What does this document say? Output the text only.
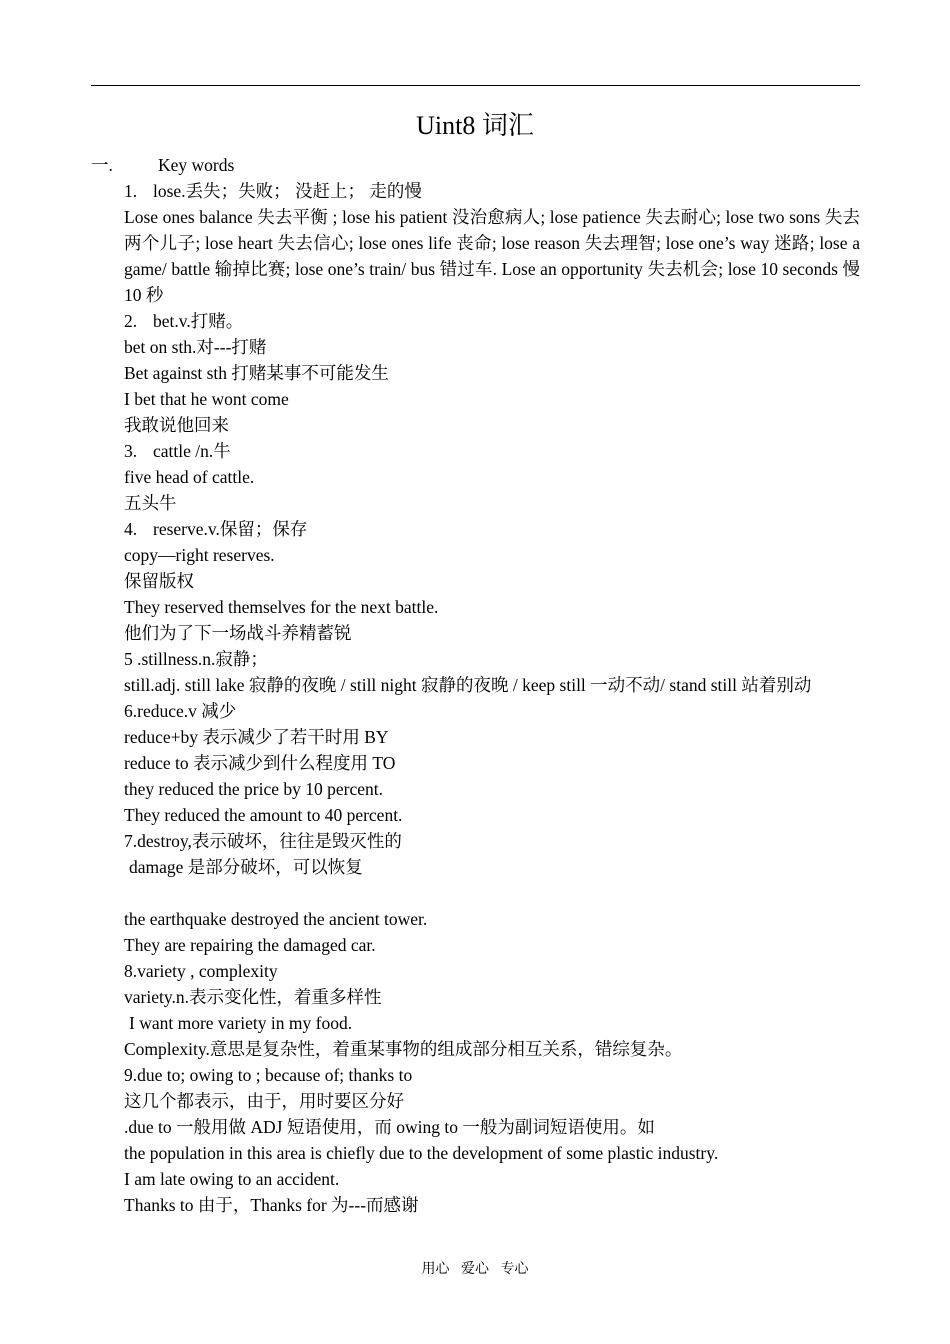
Uint8 词汇
一.	Key words
1. lose.丢失；失败； 没赶上； 走的慢
Lose ones balance 失去平衡 ; lose his patient 没治愈病人; lose patience 失去耐心; lose two sons 失去两个儿子; lose heart 失去信心; lose ones life 丧命; lose reason 失去理智; lose one’s way 迷路; lose a game/ battle 输掉比赛; lose one’s train/ bus 错过车. Lose an opportunity 失去机会; lose 10 seconds 慢 10 秒
2. bet.v.打赌。
bet on sth.对---打赌
Bet against sth 打赌某事不可能发生
I bet that he wont come
我敢说他回来
3. cattle /n.牛
five head of cattle.
五头牛
4. reserve.v.保留；保存
copy—right reserves.
保留版权
They reserved themselves for the next battle.
他们为了下一场战斗养精蓄锐
5 .stillness.n.寂静；
still.adj. still lake 寂静的夜晚 / still night 寂静的夜晚 / keep still 一动不动/ stand still 站着别动
6.reduce.v 减少
reduce+by 表示减少了若干时用 BY
reduce to 表示减少到什么程度用 TO
they reduced the price by 10 percent.
They reduced the amount to 40 percent.
7.destroy,表示破坏，往往是毁灭性的
damage 是部分破坏，可以恢复
the earthquake destroyed the ancient tower.
They are repairing the damaged car.
8.variety , complexity
variety.n.表示变化性，着重多样性
I want more variety in my food.
Complexity.意思是复杂性，着重某事物的组成部分相互关系，错综复杂。
9.due to; owing to ; because of; thanks to
这几个都表示，由于，用时要区分好
.due to 一般用做 ADJ 短语使用，而 owing to 一般为副词短语使用。如
the population in this area is chiefly due to the development of some plastic industry.
I am late owing to an accident.
Thanks to 由于，Thanks for 为---而感谢
用心 爱心 专心
